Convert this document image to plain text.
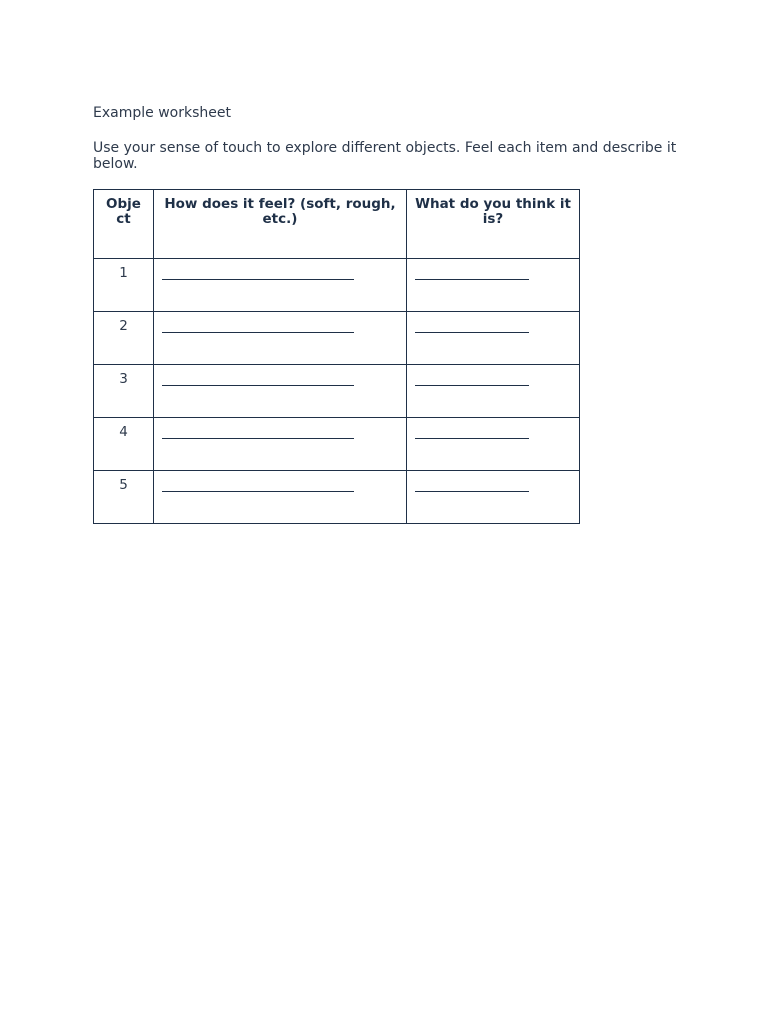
Example worksheet

Use your sense of touch to explore different objects. Feel each item and describe it below.

Obje ct	How does it feel? (soft, rough, etc.)	What do you think it is?
1	

2	

3	

4	

5	
